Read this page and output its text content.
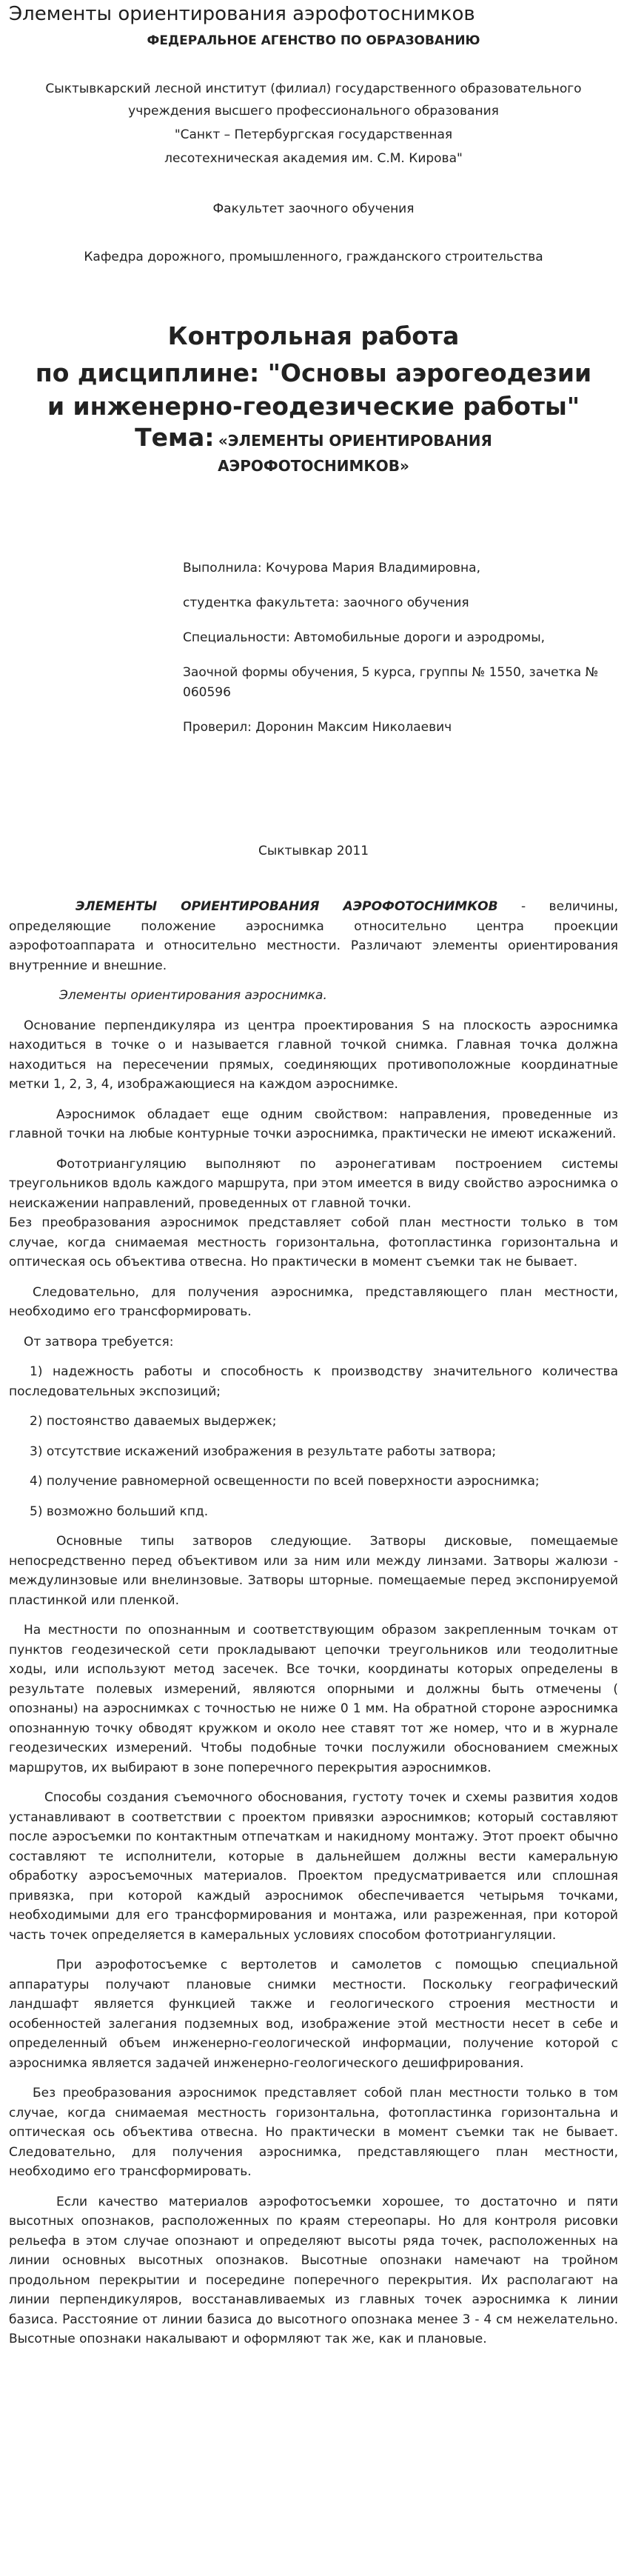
Элементы ориентирования аэрофотоснимков
ФЕДЕРАЛЬНОЕ АГЕНСТВО ПО ОБРАЗОВАНИЮ
Сыктывкарский лесной институт (филиал) государственного образовательного учреждения высшего профессионального образования
"Санкт – Петербургская государственная
лесотехническая академия им. С.М. Кирова"
Факультет заочного обучения
Кафедра дорожного, промышленного, гражданского строительства
Контрольная работа
по дисциплине: "Основы аэрогеодезии и инженерно-геодезические работы"
Тема: «ЭЛЕМЕНТЫ ОРИЕНТИРОВАНИЯ АЭРОФОТОСНИМКОВ»
Выполнила: Кочурова Мария Владимировна,
студентка факультета: заочного обучения
Специальности: Автомобильные дороги и аэродромы,
Заочной формы обучения, 5 курса, группы № 1550, зачетка № 060596
Проверил: Доронин Максим Николаевич
Сыктывкар 2011

ЭЛЕМЕНТЫ ОРИЕНТИРОВАНИЯ АЭРОФОТОСНИМКОВ - величины, определяющие положение аэроснимка относительно центра проекции аэрофотоаппарата и относительно местности. Различают элементы ориентирования внутренние и внешние.

Элементы ориентирования аэроснимка.

Основание перпендикуляра из центра проектирования S на плоскость аэроснимка находиться в точке о и называется главной точкой снимка. Главная точка должна находиться на пересечении прямых, соединяющих противоположные координатные метки 1, 2, 3, 4, изображающиеся на каждом аэроснимке.

Аэроснимок обладает еще одним свойством: направления, проведенные из главной точки на любые контурные точки аэроснимка, практически не имеют искажений.

Фототриангуляцию выполняют по аэронегативам построением системы треугольников вдоль каждого маршрута, при этом имеется в виду свойство аэроснимка о неискажении направлений, проведенных от главной точки.

Без преобразования аэроснимок представляет собой план местности только в том случае, когда снимаемая местность горизонтальна, фотопластинка горизонтальна и оптическая ось объектива отвесна. Но практически в момент съемки так не бывает.

Следовательно, для получения аэроснимка, представляющего план местности, необходимо его трансформировать.

От затвора требуется:

1) надежность работы и способность к производству значительного количества последовательных экспозиций;

2) постоянство даваемых выдержек;

3) отсутствие искажений изображения в результате работы затвора;

4) получение равномерной освещенности по всей поверхности аэроснимка;

5) возможно больший кпд.

Основные типы затворов следующие. Затворы дисковые, помещаемые непосредственно перед объективом или за ним или между линзами. Затворы жалюзи - междулинзовые или внелинзовые. Затворы шторные. помещаемые перед экспонируемой пластинкой или пленкой.

На местности по опознанным и соответствующим образом закрепленным точкам от пунктов геодезической сети прокладывают цепочки треугольников или теодолитные ходы, или используют метод засечек. Все точки, координаты которых определены в результате полевых измерений, являются опорными и должны быть отмечены ( опознаны) на аэроснимках с точностью не ниже 0 1 мм. На обратной стороне аэроснимка опознанную точку обводят кружком и около нее ставят тот же номер, что и в журнале геодезических измерений. Чтобы подобные точки послужили обоснованием смежных маршрутов, их выбирают в зоне поперечного перекрытия аэроснимков.

Способы создания съемочного обоснования, густоту точек и схемы развития ходов устанавливают в соответствии с проектом привязки аэроснимков; который составляют после аэросъемки по контактным отпечаткам и накидному монтажу. Этот проект обычно составляют те исполнители, которые в дальнейшем должны вести камеральную обработку аэросъемочных материалов. Проектом предусматривается или сплошная привязка, при которой каждый аэроснимок обеспечивается четырьмя точками, необходимыми для его трансформирования и монтажа, или разреженная, при которой часть точек определяется в камеральных условиях способом фототриангуляции.

При аэрофотосъемке с вертолетов и самолетов с помощью специальной аппаратуры получают плановые снимки местности. Поскольку географический ландшафт является функцией также и геологического строения местности и особенностей залегания подземных вод, изображение этой местности несет в себе и определенный объем инженерно-геологической информации, получение которой с аэроснимка является задачей инженерно-геологического дешифрирования.

Без преобразования аэроснимок представляет собой план местности только в том случае, когда снимаемая местность горизонтальна, фотопластинка горизонтальна и оптическая ось объектива отвесна. Но практически в момент съемки так не бывает. Следовательно, для получения аэроснимка, представляющего план местности, необходимо его трансформировать.

Если качество материалов аэрофотосъемки хорошее, то достаточно и пяти высотных опознаков, расположенных по краям стереопары. Но для контроля рисовки рельефа в этом случае опознают и определяют высоты ряда точек, расположенных на линии основных высотных опознаков. Высотные опознаки намечают на тройном продольном перекрытии и посередине поперечного перекрытия. Их располагают на линии перпендикуляров, восстанавливаемых из главных точек аэроснимка к линии базиса. Расстояние от линии базиса до высотного опознака менее 3 - 4 см нежелательно. Высотные опознаки накалывают и оформляют так же, как и плановые.
